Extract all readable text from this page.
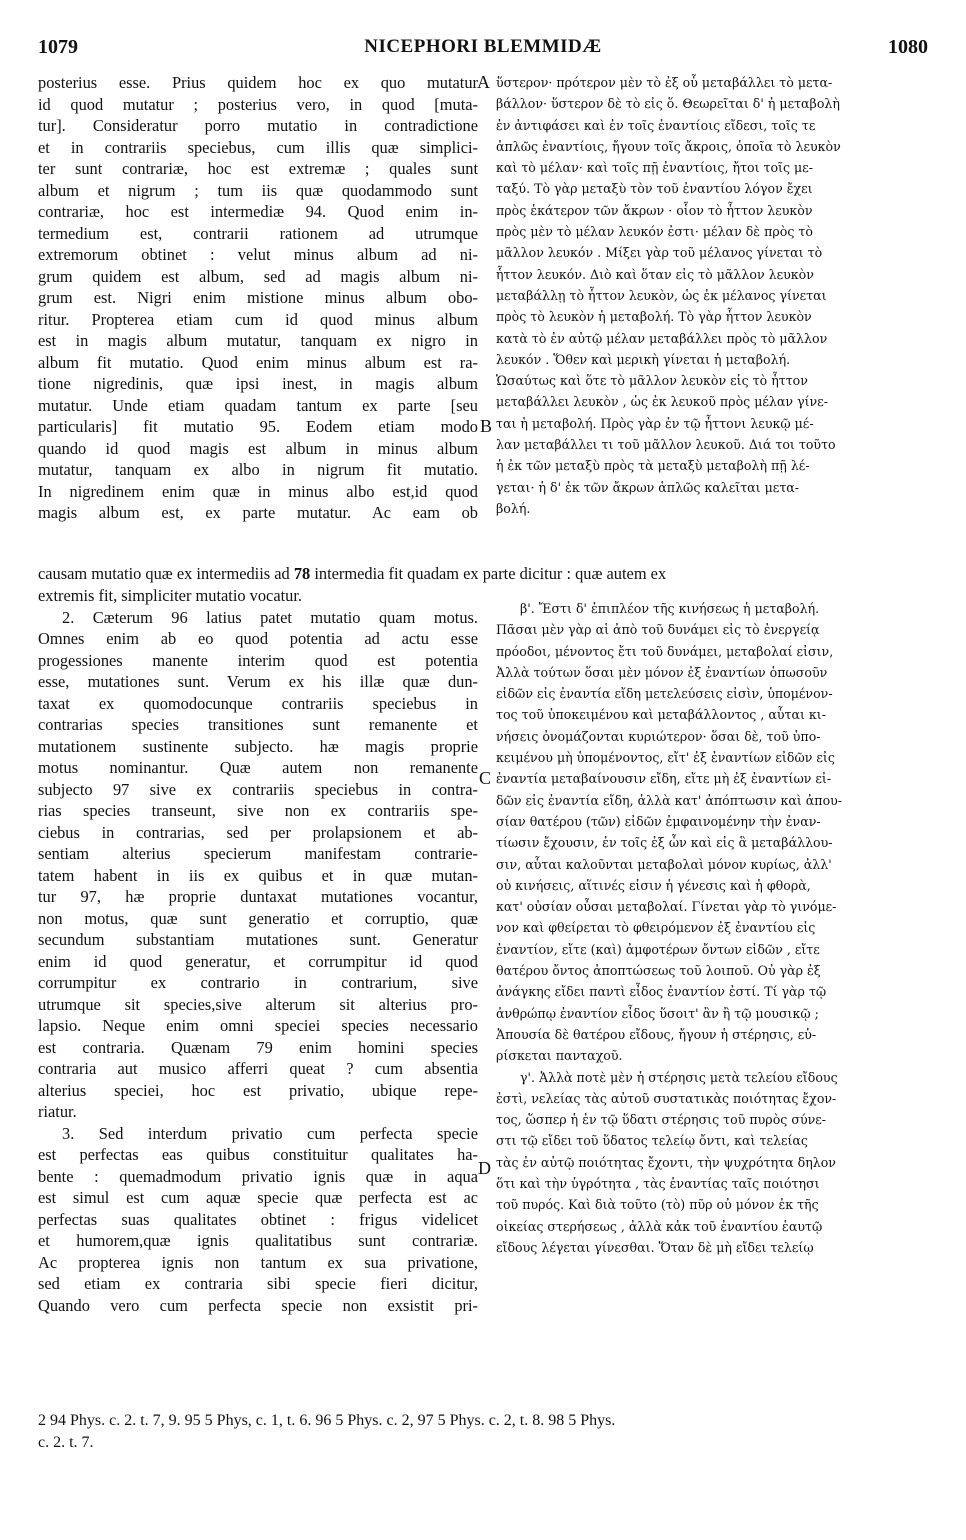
1079	NICEPHORI BLEMMIDÆ	1080
A
B
C
D
posterius esse. Prius quidem hoc ex quo mutatur
id quod mutatur ; posterius vero, in quod [muta-
tur]. Consideratur porro mutatio in contradictione
et in contrariis speciebus, cum illis quæ simplici-
ter sunt contrariæ, hoc est extremæ ; quales sunt
album et nigrum ; tum iis quæ quodammodo sunt
contrariæ, hoc est intermediæ 94. Quod enim in-
termedium est, contrarii rationem ad utrumque
extremorum obtinet : velut minus album ad ni-
grum quidem est album, sed ad magis album ni-
grum est. Nigri enim mistione minus album obo-
ritur. Propterea etiam cum id quod minus album
est in magis album mutatur, tanquam ex nigro in
album fit mutatio. Quod enim minus album est ra-
tione nigredinis, quæ ipsi inest, in magis album
mutatur. Unde etiam quadam tantum ex parte [seu
particularis] fit mutatio 95. Eodem etiam modo
quando id quod magis est album in minus album
mutatur, tanquam ex albo in nigrum fit mutatio.
In nigredinem enim quæ in minus albo est,id quod
magis album est, ex parte mutatur. Ac eam ob
ὕστερον· πρότερον μὲν τὸ ἐξ οὗ μεταβάλλει τὸ μετα-
βάλλον· ὕστερον δὲ τὸ εἰς ὅ. Θεωρεῖται δ' ἡ μεταβολὴ
ἐν ἀντιφάσει καὶ ἐν τοῖς ἐναντίοις εἴδεσι, τοῖς τε
ἁπλῶς ἐναντίοις, ἤγουν τοῖς ἄκροις, ὁποῖα τὸ λευκὸν
καὶ τὸ μέλαν· καὶ τοῖς πῇ ἐναντίοις, ἤτοι τοῖς με-
ταξύ. Τὸ γὰρ μεταξὺ τὸν τοῦ ἐναντίου λόγον ἔχει
πρὸς ἑκάτερον τῶν ἄκρων · οἷον τὸ ἧττον λευκὸν
πρὸς μὲν τὸ μέλαν λευκόν ἐστι· μέλαν δὲ πρὸς τὸ
μᾶλλον λευκόν . Μίξει γὰρ τοῦ μέλανος γίνεται τὸ
ἧττον λευκόν. Διὸ καὶ ὅταν εἰς τὸ μᾶλλον λευκὸν
μεταβάλλῃ τὸ ἧττον λευκὸν, ὡς ἐκ μέλανος γίνεται
πρὸς τὸ λευκὸν ἡ μεταβολή. Τὸ γὰρ ἧττον λευκὸν
κατὰ τὸ ἐν αὐτῷ μέλαν μεταβάλλει πρὸς τὸ μᾶλλον
λευκόν . Ὅθεν καὶ μερικὴ γίνεται ἡ μεταβολή.
Ὡσαύτως καὶ ὅτε τὸ μᾶλλον λευκὸν εἰς τὸ ἧττον
μεταβάλλει λευκὸν , ὡς ἐκ λευκοῦ πρὸς μέλαν γίνε-
ται ἡ μεταβολή. Πρὸς γὰρ ἐν τῷ ἧττονι λευκῷ μέ-
λαν μεταβάλλει τι τοῦ μᾶλλον λευκοῦ. Διά τοι τοῦτο
ἡ ἐκ τῶν μεταξὺ πρὸς τὰ μεταξὺ μεταβολὴ πῇ λέ-
γεται· ἡ δ' ἐκ τῶν ἄκρων ἁπλῶς καλεῖται μετα-
βολή.
causam mutatio quæ ex intermediis ad 78 intermedia fit quadam ex parte dicitur : quæ autem ex
extremis fit, simpliciter mutatio vocatur.
2. Cæterum 96 latius patet mutatio quam motus.
Omnes enim ab eo quod potentia ad actu esse
progessiones manente interim quod est potentia
esse, mutationes sunt. Verum ex his illæ quæ dun-
taxat ex quomodocunque contrariis speciebus in
contrarias species transitiones sunt remanente et
mutationem sustinente subjecto. hæ magis proprie
motus nominantur. Quæ autem non remanente
subjecto 97 sive ex contrariis speciebus in contra-
rias species transeunt, sive non ex contrariis spe-
ciebus in contrarias, sed per prolapsionem et ab-
sentiam alterius specierum manifestam contrarie-
tatem habent in iis ex quibus et in quæ mutan-
tur 97, hæ proprie duntaxat mutationes vocantur,
non motus, quæ sunt generatio et corruptio, quæ
secundum substantiam mutationes sunt. Generatur
enim id quod generatur, et corrumpitur id quod
corrumpitur ex contrario in contrarium, sive
utrumque sit species,sive alterum sit alterius pro-
lapsio. Neque enim omni speciei species necessario
est contraria. Quænam 79 enim homini species
contraria aut musico afferri queat ? cum absentia
alterius speciei, hoc est privatio, ubique repe-
riatur.
3. Sed interdum privatio cum perfecta specie
est perfectas eas quibus constituitur qualitates ha-
bente : quemadmodum privatio ignis quæ in aqua
est simul est cum aquæ specie quæ perfecta est ac
perfectas suas qualitates obtinet : frigus videlicet
et humorem,quæ ignis qualitatibus sunt contrariæ.
Ac propterea ignis non tantum ex sua privatione,
sed etiam ex contraria sibi specie fieri dicitur,
Quando vero cum perfecta specie non exsistit pri-
β'. Ἔστι δ' ἐπιπλέον τῆς κινήσεως ἡ μεταβολή.
Πᾶσαι μὲν γὰρ αἱ ἀπὸ τοῦ δυνάμει εἰς τὸ ἐνεργείᾳ
πρόοδοι, μένοντος ἔτι τοῦ δυνάμει, μεταβολαί εἰσιν,
Ἀλλὰ τούτων ὅσαι μὲν μόνον ἐξ ἐναντίων ὁπωσοῦν
εἰδῶν εἰς ἐναντία εἴδη μετελεύσεις εἰσὶν, ὑπομένον-
τος τοῦ ὑποκειμένου καὶ μεταβάλλοντος , αὗται κι-
νήσεις ὀνομάζονται κυριώτερον· ὅσαι δὲ, τοῦ ὑπο-
κειμένου μὴ ὑπομένοντος, εἴτ' ἐξ ἐναντίων εἰδῶν εἰς
ἐναντία μεταβαίνουσιν εἴδη, εἴτε μὴ ἐξ ἐναντίων εἰ-
δῶν εἰς ἐναντία εἴδη, ἀλλὰ κατ' ἀπόπτωσιν καὶ ἀπου-
σίαν θατέρου (τῶν) εἰδῶν ἐμφαινομένην τὴν ἐναν-
τίωσιν ἔχουσιν, ἐν τοῖς ἐξ ὧν καὶ εἰς ἃ μεταβάλλου-
σιν, αὗται καλοῦνται μεταβολαὶ μόνον κυρίως, ἀλλ'
οὐ κινήσεις, αἵτινές εἰσιν ἡ γένεσις καὶ ἡ φθορὰ,
κατ' οὐσίαν οὖσαι μεταβολαί. Γίνεται γὰρ τὸ γινόμε-
νον καὶ φθείρεται τὸ φθειρόμενον ἐξ ἐναντίου εἰς
ἐναντίον, εἴτε (καὶ) ἀμφοτέρων ὄντων εἰδῶν , εἴτε
θατέρου ὄντος ἀποπτώσεως τοῦ λοιποῦ. Οὐ γὰρ ἐξ
ἀνάγκης εἴδει παντὶ εἶδος ἐναντίον ἐστί. Τί γὰρ τῷ
ἀνθρώπῳ ἐναντίον εἶδος ὕσοιτ' ἂν ἢ τῷ μουσικῷ ;
Ἀπουσία δὲ θατέρου εἴδους, ἤγουν ἡ στέρησις, εὑ-
ρίσκεται πανταχοῦ.
γ'. Ἀλλὰ ποτὲ μὲν ἡ στέρησις μετὰ τελείου εἴδους
ἐστὶ, νελείας τὰς αὐτοῦ συστατικὰς ποιότητας ἔχον-
τος, ὥσπερ ἡ ἐν τῷ ὕδατι στέρησις τοῦ πυρὸς σύνε-
στι τῷ εἴδει τοῦ ὕδατος τελείῳ ὄντι, καὶ τελείας
τὰς ἐν αὐτῷ ποιότητας ἔχοντι, τὴν ψυχρότητα δηλον
ὅτι καὶ τὴν ὑγρότητα , τὰς ἐναντίας ταῖς ποιότησι
τοῦ πυρός. Καὶ διὰ τοῦτο (τὸ) πῦρ οὐ μόνον ἐκ τῆς
οἰκείας στερήσεως , ἀλλὰ κἀκ τοῦ ἐναντίου ἑαυτῷ
εἴδους λέγεται γίνεσθαι. Ὅταν δὲ μὴ εἴδει τελείῳ
2 94 Phys. c. 2. t. 7, 9. 95 5 Phys, c. 1, t. 6. 96 5 Phys. c. 2, 97 5 Phys. c. 2, t. 8. 98 5 Phys.
c. 2. t. 7.
